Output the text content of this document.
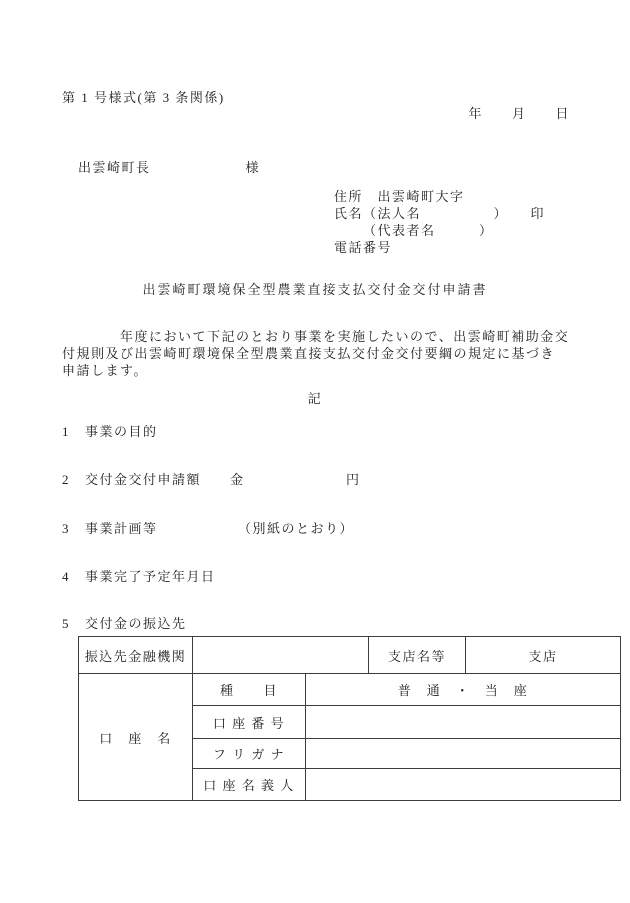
第 1 号様式(第 3 条関係)
年　　月　　日
出雲崎町長	様
住所　出雲崎町大字
氏名（法人名　　　　　）　　印
（代表者名　　　）
電話番号
出雲崎町環境保全型農業直接支払交付金交付申請書
　　　　年度において下記のとおり事業を実施したいので、出雲崎町補助金交
付規則及び出雲崎町環境保全型農業直接支払交付金交付要綱の規定に基づき
申請します。
記
1 事業の目的
2 交付金交付申請額　　金　　　　　　　円
3 事業計画等　　　　　　（別紙のとおり）
4 事業完了予定年月日
5 交付金の振込先
振込先金融機関			支店名等	支店
口　座　名	種　　目	普　通　・　当　座		
	口 座 番 号			
	フ リ ガ ナ			
	口 座 名 義 人			
